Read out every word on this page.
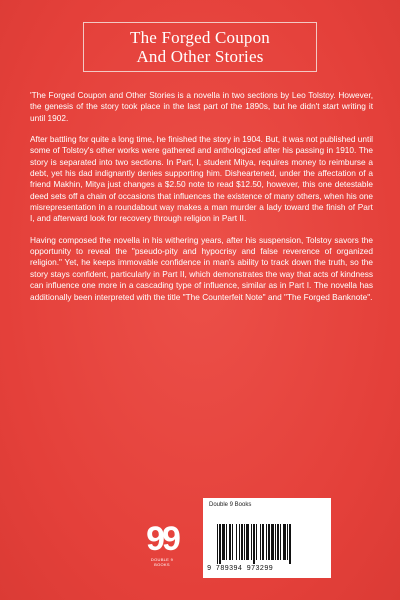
The Forged Coupon
And Other Stories

'The Forged Coupon and Other Stories is a novella in two sections by Leo Tolstoy. However, the genesis of the story took place in the last part of the 1890s, but he didn't start writing it until 1902.

After battling for quite a long time, he finished the story in 1904. But, it was not published until some of Tolstoy's other works were gathered and anthologized after his passing in 1910. The story is separated into two sections. In Part, I, student Mitya, requires money to reimburse a debt, yet his dad indignantly denies supporting him. Disheartened, under the affectation of a friend Makhin, Mitya just changes a $2.50 note to read $12.50, however, this one detestable deed sets off a chain of occasions that influences the existence of many others, when his one misrepresentation in a roundabout way makes a man murder a lady toward the finish of Part I, and afterward look for recovery through religion in Part II.

Having composed the novella in his withering years, after his suspension, Tolstoy savors the opportunity to reveal the "pseudo-pity and hypocrisy and false reverence of organized religion." Yet, he keeps immovable confidence in man's ability to track down the truth, so the story stays confident, particularly in Part II, which demonstrates the way that acts of kindness can influence one more in a cascading type of influence, similar as in Part I. The novella has additionally been interpreted with the title "The Counterfeit Note" and "The Forged Banknote".

99
DOUBLE 9 BOOKS
Double 9 Books
9 789394 973299
